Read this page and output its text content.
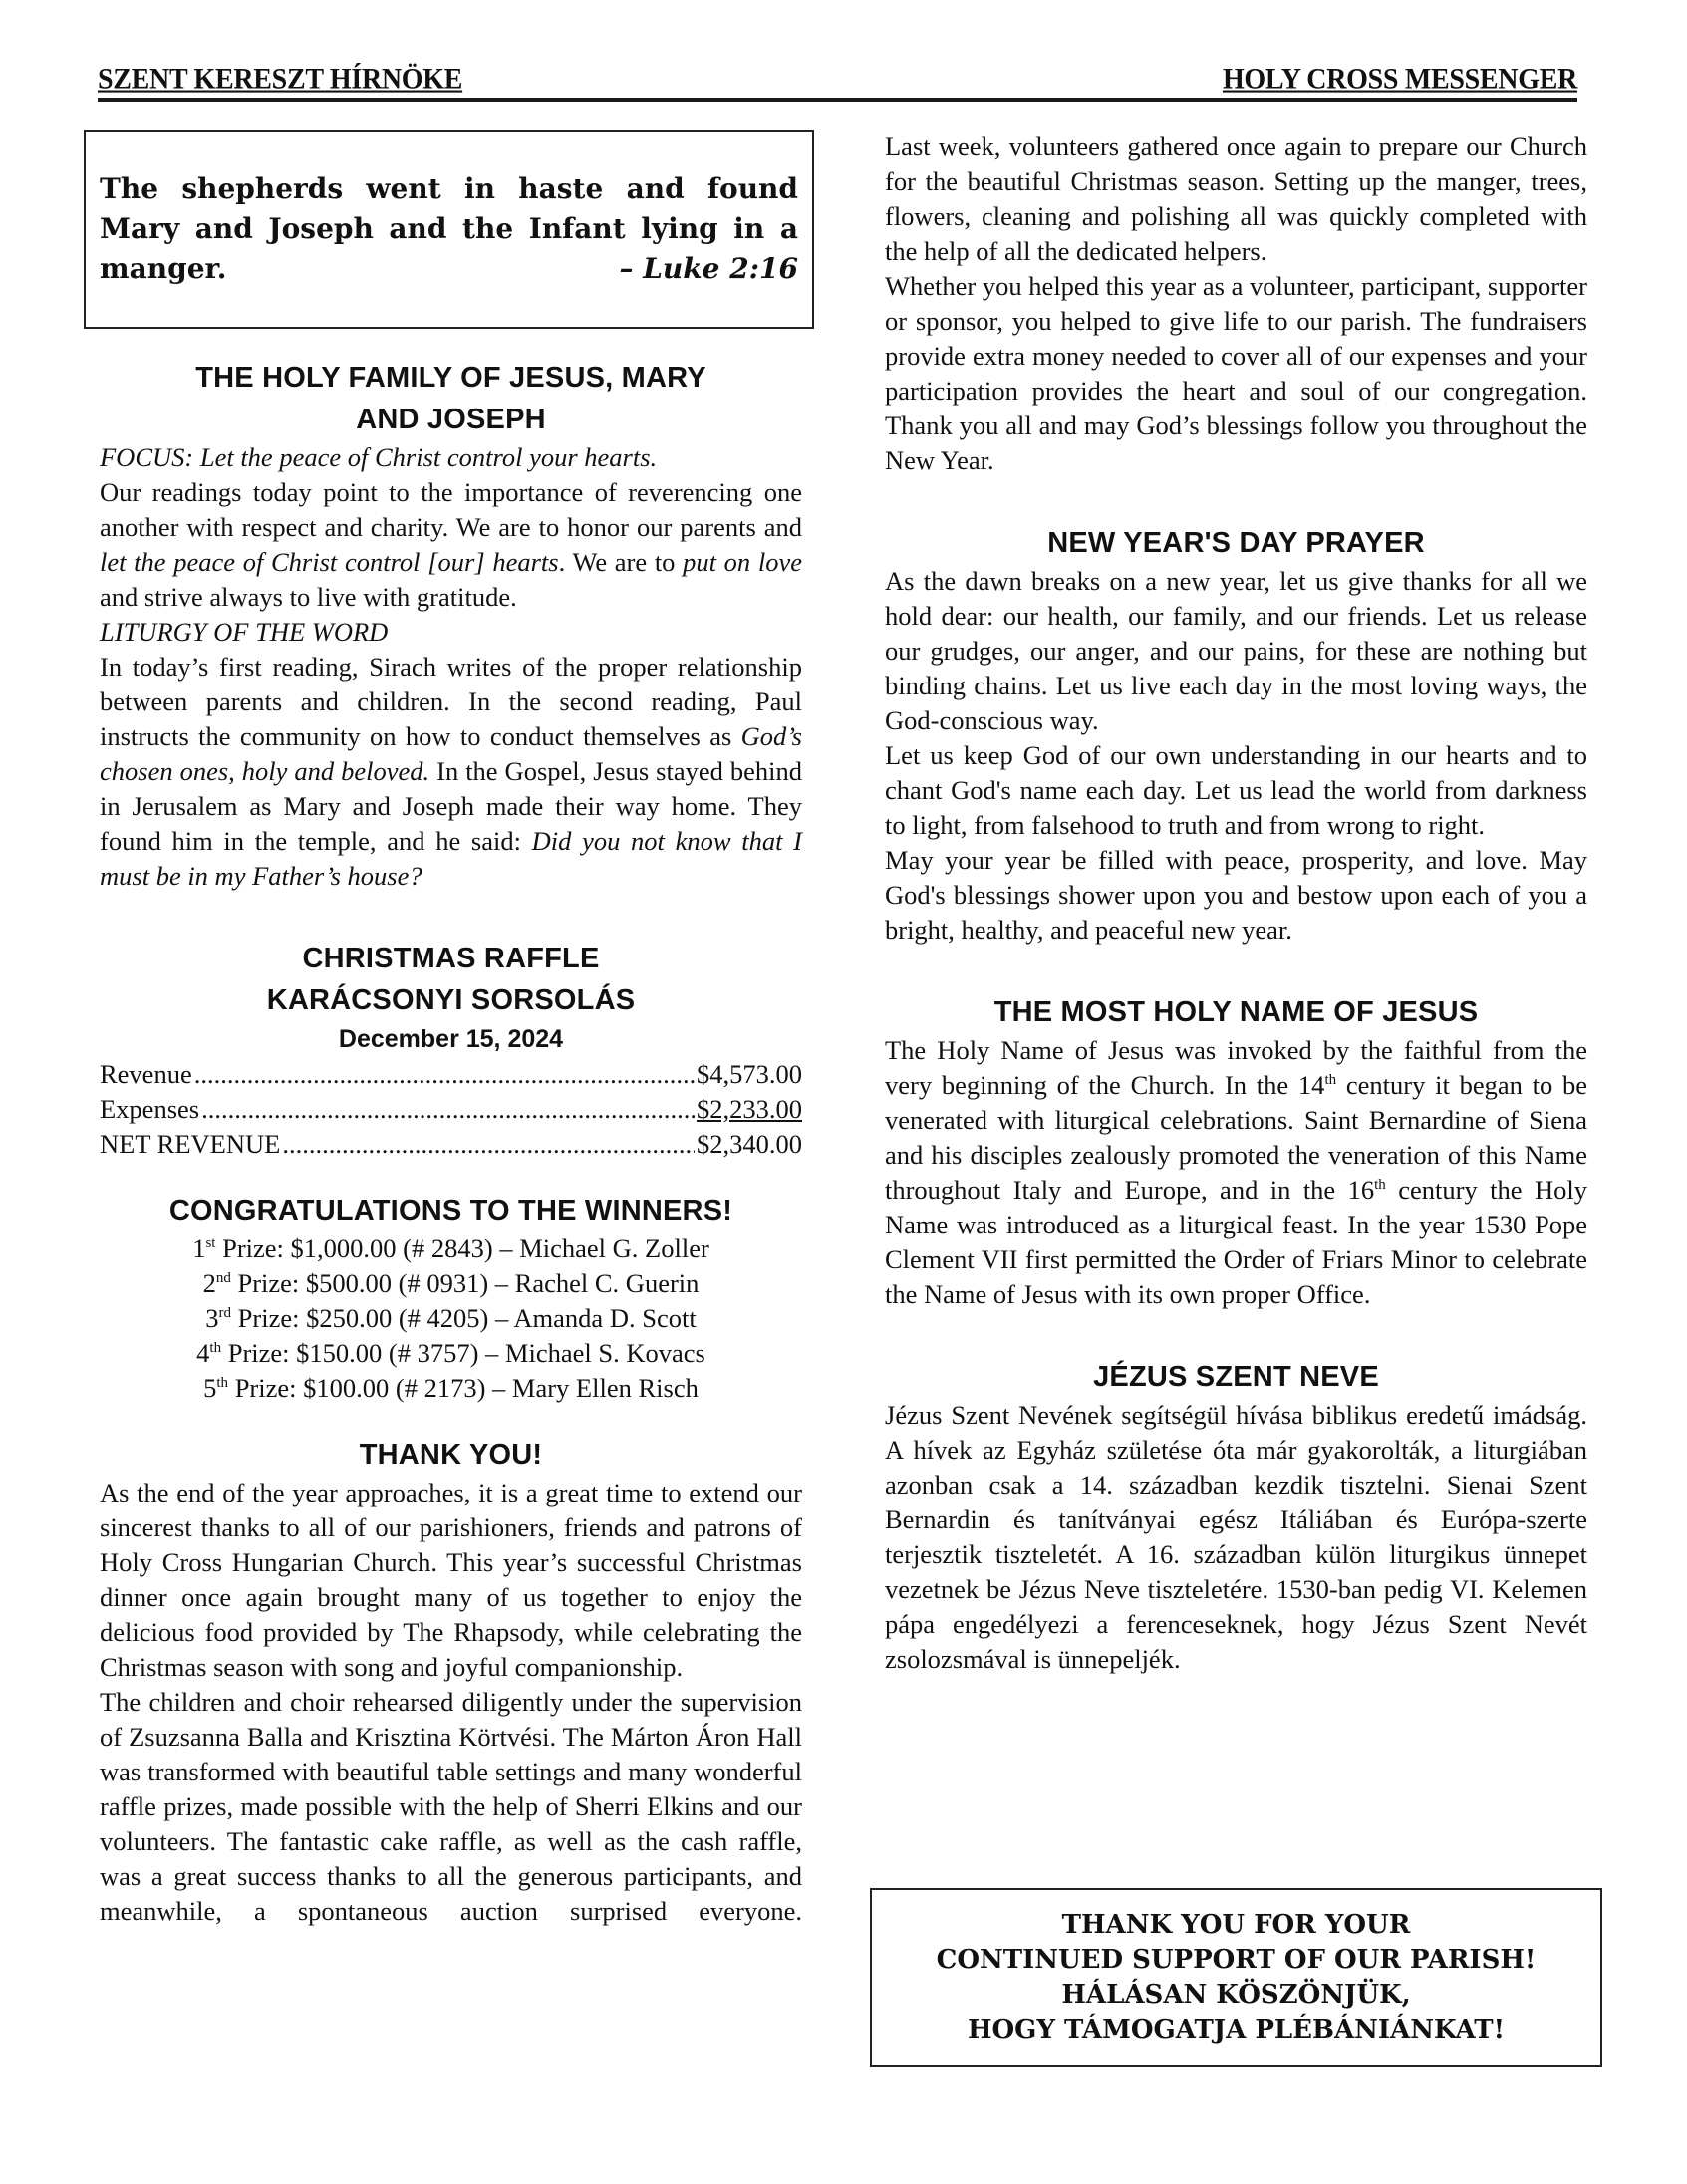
SZENT KERESZT HÍRNÖKE	HOLY CROSS MESSENGER
The shepherds went in haste and found Mary and Joseph and the Infant lying in a manger.	– Luke 2:16
THE HOLY FAMILY OF JESUS, MARY
AND JOSEPH

FOCUS: Let the peace of Christ control your hearts.

Our readings today point to the importance of reverencing one another with respect and charity. We are to honor our parents and let the peace of Christ control [our] hearts. We are to put on love and strive always to live with gratitude.

LITURGY OF THE WORD

In today’s first reading, Sirach writes of the proper relationship between parents and children. In the second reading, Paul instructs the community on how to conduct themselves as God’s chosen ones, holy and beloved. In the Gospel, Jesus stayed behind in Jerusalem as Mary and Joseph made their way home. They found him in the temple, and he said: Did you not know that I must be in my Father’s house?

CHRISTMAS RAFFLE
KARÁCSONYI SORSOLÁS
December 15, 2024
Revenue .....	$4,573.00
Expenses .....	$2,233.00
NET REVENUE .....	$2,340.00
CONGRATULATIONS TO THE WINNERS!
1st Prize: $1,000.00 (# 2843) – Michael G. Zoller
2nd Prize: $500.00 (# 0931) – Rachel C. Guerin
3rd Prize: $250.00 (# 4205) – Amanda D. Scott
4th Prize: $150.00 (# 3757) – Michael S. Kovacs
5th Prize: $100.00 (# 2173) – Mary Ellen Risch
THANK YOU!

As the end of the year approaches, it is a great time to extend our sincerest thanks to all of our parishioners, friends and patrons of Holy Cross Hungarian Church. This year’s successful Christmas dinner once again brought many of us together to enjoy the delicious food provided by The Rhapsody, while celebrating the Christmas season with song and joyful companionship.

The children and choir rehearsed diligently under the supervision of Zsuzsanna Balla and Krisztina Körtvési. The Márton Áron Hall was transformed with beautiful table settings and many wonderful raffle prizes, made possible with the help of Sherri Elkins and our volunteers. The fantastic cake raffle, as well as the cash raffle, was a great success thanks to all the generous participants, and meanwhile, a spontaneous auction surprised everyone.

Last week, volunteers gathered once again to prepare our Church for the beautiful Christmas season. Setting up the manger, trees, flowers, cleaning and polishing all was quickly completed with the help of all the dedicated helpers.

Whether you helped this year as a volunteer, participant, supporter or sponsor, you helped to give life to our parish. The fundraisers provide extra money needed to cover all of our expenses and your participation provides the heart and soul of our congregation. Thank you all and may God’s blessings follow you throughout the New Year.

NEW YEAR'S DAY PRAYER

As the dawn breaks on a new year, let us give thanks for all we hold dear: our health, our family, and our friends. Let us release our grudges, our anger, and our pains, for these are nothing but binding chains. Let us live each day in the most loving ways, the God-conscious way.

Let us keep God of our own understanding in our hearts and to chant God's name each day. Let us lead the world from darkness to light, from falsehood to truth and from wrong to right.

May your year be filled with peace, prosperity, and love. May God's blessings shower upon you and bestow upon each of you a bright, healthy, and peaceful new year.

THE MOST HOLY NAME OF JESUS

The Holy Name of Jesus was invoked by the faithful from the very beginning of the Church. In the 14th century it began to be venerated with liturgical celebrations. Saint Bernardine of Siena and his disciples zealously promoted the veneration of this Name throughout Italy and Europe, and in the 16th century the Holy Name was introduced as a liturgical feast. In the year 1530 Pope Clement VII first permitted the Order of Friars Minor to celebrate the Name of Jesus with its own proper Office.

JÉZUS SZENT NEVE

Jézus Szent Nevének segítségül hívása biblikus eredetű imádság. A hívek az Egyház születése óta már gyakorolták, a liturgiában azonban csak a 14. században kezdik tisztelni. Sienai Szent Bernardin és tanítványai egész Itáliában és Európa-szerte terjesztik tiszteletét. A 16. században külön liturgikus ünnepet vezetnek be Jézus Neve tiszteletére. 1530-ban pedig VI. Kelemen pápa engedélyezi a ferenceseknek, hogy Jézus Szent Nevét zsolozsmával is ünnepeljék.

THANK YOU FOR YOUR
CONTINUED SUPPORT OF OUR PARISH!
HÁLÁSAN KÖSZÖNJÜK,
HOGY TÁMOGATJA PLÉBÁNIÁNKAT!
